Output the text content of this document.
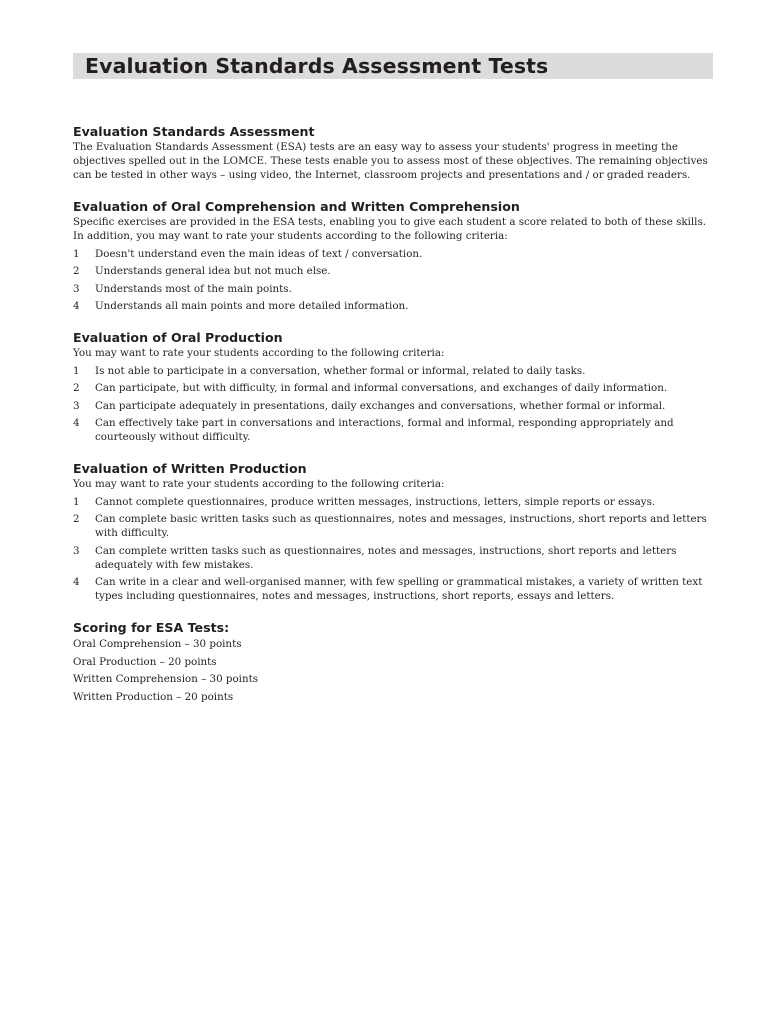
Evaluation Standards Assessment Tests
Evaluation Standards Assessment

The Evaluation Standards Assessment (ESA) tests are an easy way to assess your students' progress in meeting the objectives spelled out in the LOMCE. These tests enable you to assess most of these objectives. The remaining objectives can be tested in other ways – using video, the Internet, classroom projects and presentations and / or graded readers.

Evaluation of Oral Comprehension and Written Comprehension

Specific exercises are provided in the ESA tests, enabling you to give each student a score related to both of these skills. In addition, you may want to rate your students according to the following criteria:

1	Doesn't understand even the main ideas of text / conversation.
2	Understands general idea but not much else.
3	Understands most of the main points.
4	Understands all main points and more detailed information.
Evaluation of Oral Production

You may want to rate your students according to the following criteria:

1	Is not able to participate in a conversation, whether formal or informal, related to daily tasks.
2	Can participate, but with difficulty, in formal and informal conversations, and exchanges of daily information.
3	Can participate adequately in presentations, daily exchanges and conversations, whether formal or informal.
4	Can effectively take part in conversations and interactions, formal and informal, responding appropriately and courteously without difficulty.
Evaluation of Written Production

You may want to rate your students according to the following criteria:

1	Cannot complete questionnaires, produce written messages, instructions, letters, simple reports or essays.
2	Can complete basic written tasks such as questionnaires, notes and messages, instructions, short reports and letters with difficulty.
3	Can complete written tasks such as questionnaires, notes and messages, instructions, short reports and letters adequately with few mistakes.
4	Can write in a clear and well-organised manner, with few spelling or grammatical mistakes, a variety of written text types including questionnaires, notes and messages, instructions, short reports, essays and letters.
Scoring for ESA Tests:

Oral Comprehension – 30 points

Oral Production – 20 points

Written Comprehension – 30 points

Written Production – 20 points
